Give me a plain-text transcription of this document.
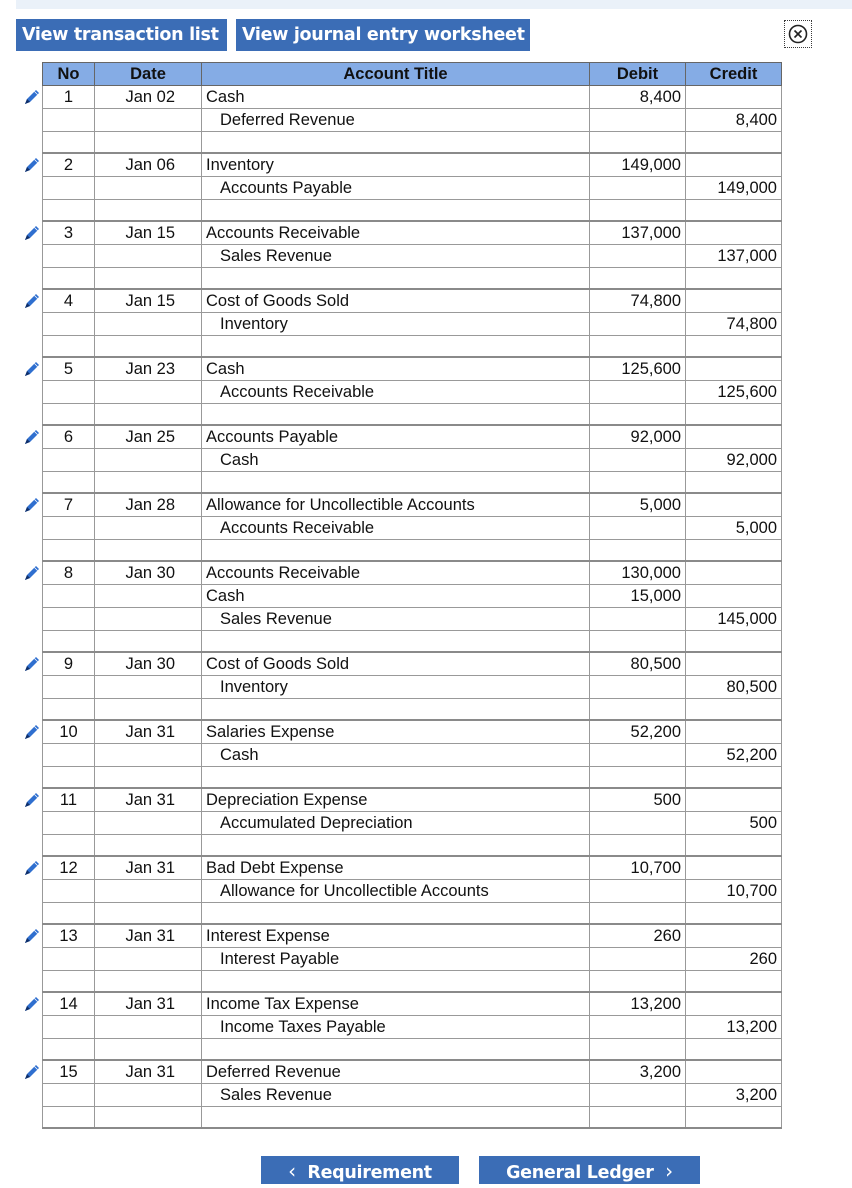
View transaction list	View journal entry worksheet
No	Date	Account Title	Debit	Credit
1	Jan 02	Cash	8,400	
		Deferred Revenue		8,400

2	Jan 06	Inventory	149,000	
		Accounts Payable		149,000

3	Jan 15	Accounts Receivable	137,000	
		Sales Revenue		137,000

4	Jan 15	Cost of Goods Sold	74,800	
		Inventory		74,800

5	Jan 23	Cash	125,600	
		Accounts Receivable		125,600

6	Jan 25	Accounts Payable	92,000	
		Cash		92,000

7	Jan 28	Allowance for Uncollectible Accounts	5,000	
		Accounts Receivable		5,000

8	Jan 30	Accounts Receivable	130,000	
		Cash	15,000	
		Sales Revenue		145,000

9	Jan 30	Cost of Goods Sold	80,500	
		Inventory		80,500

10	Jan 31	Salaries Expense	52,200	
		Cash		52,200

11	Jan 31	Depreciation Expense	500	
		Accumulated Depreciation		500

12	Jan 31	Bad Debt Expense	10,700	
		Allowance for Uncollectible Accounts		10,700

13	Jan 31	Interest Expense	260	
		Interest Payable		260

14	Jan 31	Income Tax Expense	13,200	
		Income Taxes Payable		13,200

15	Jan 31	Deferred Revenue	3,200	
		Sales Revenue		3,200

‹ Requirement	General Ledger ›
